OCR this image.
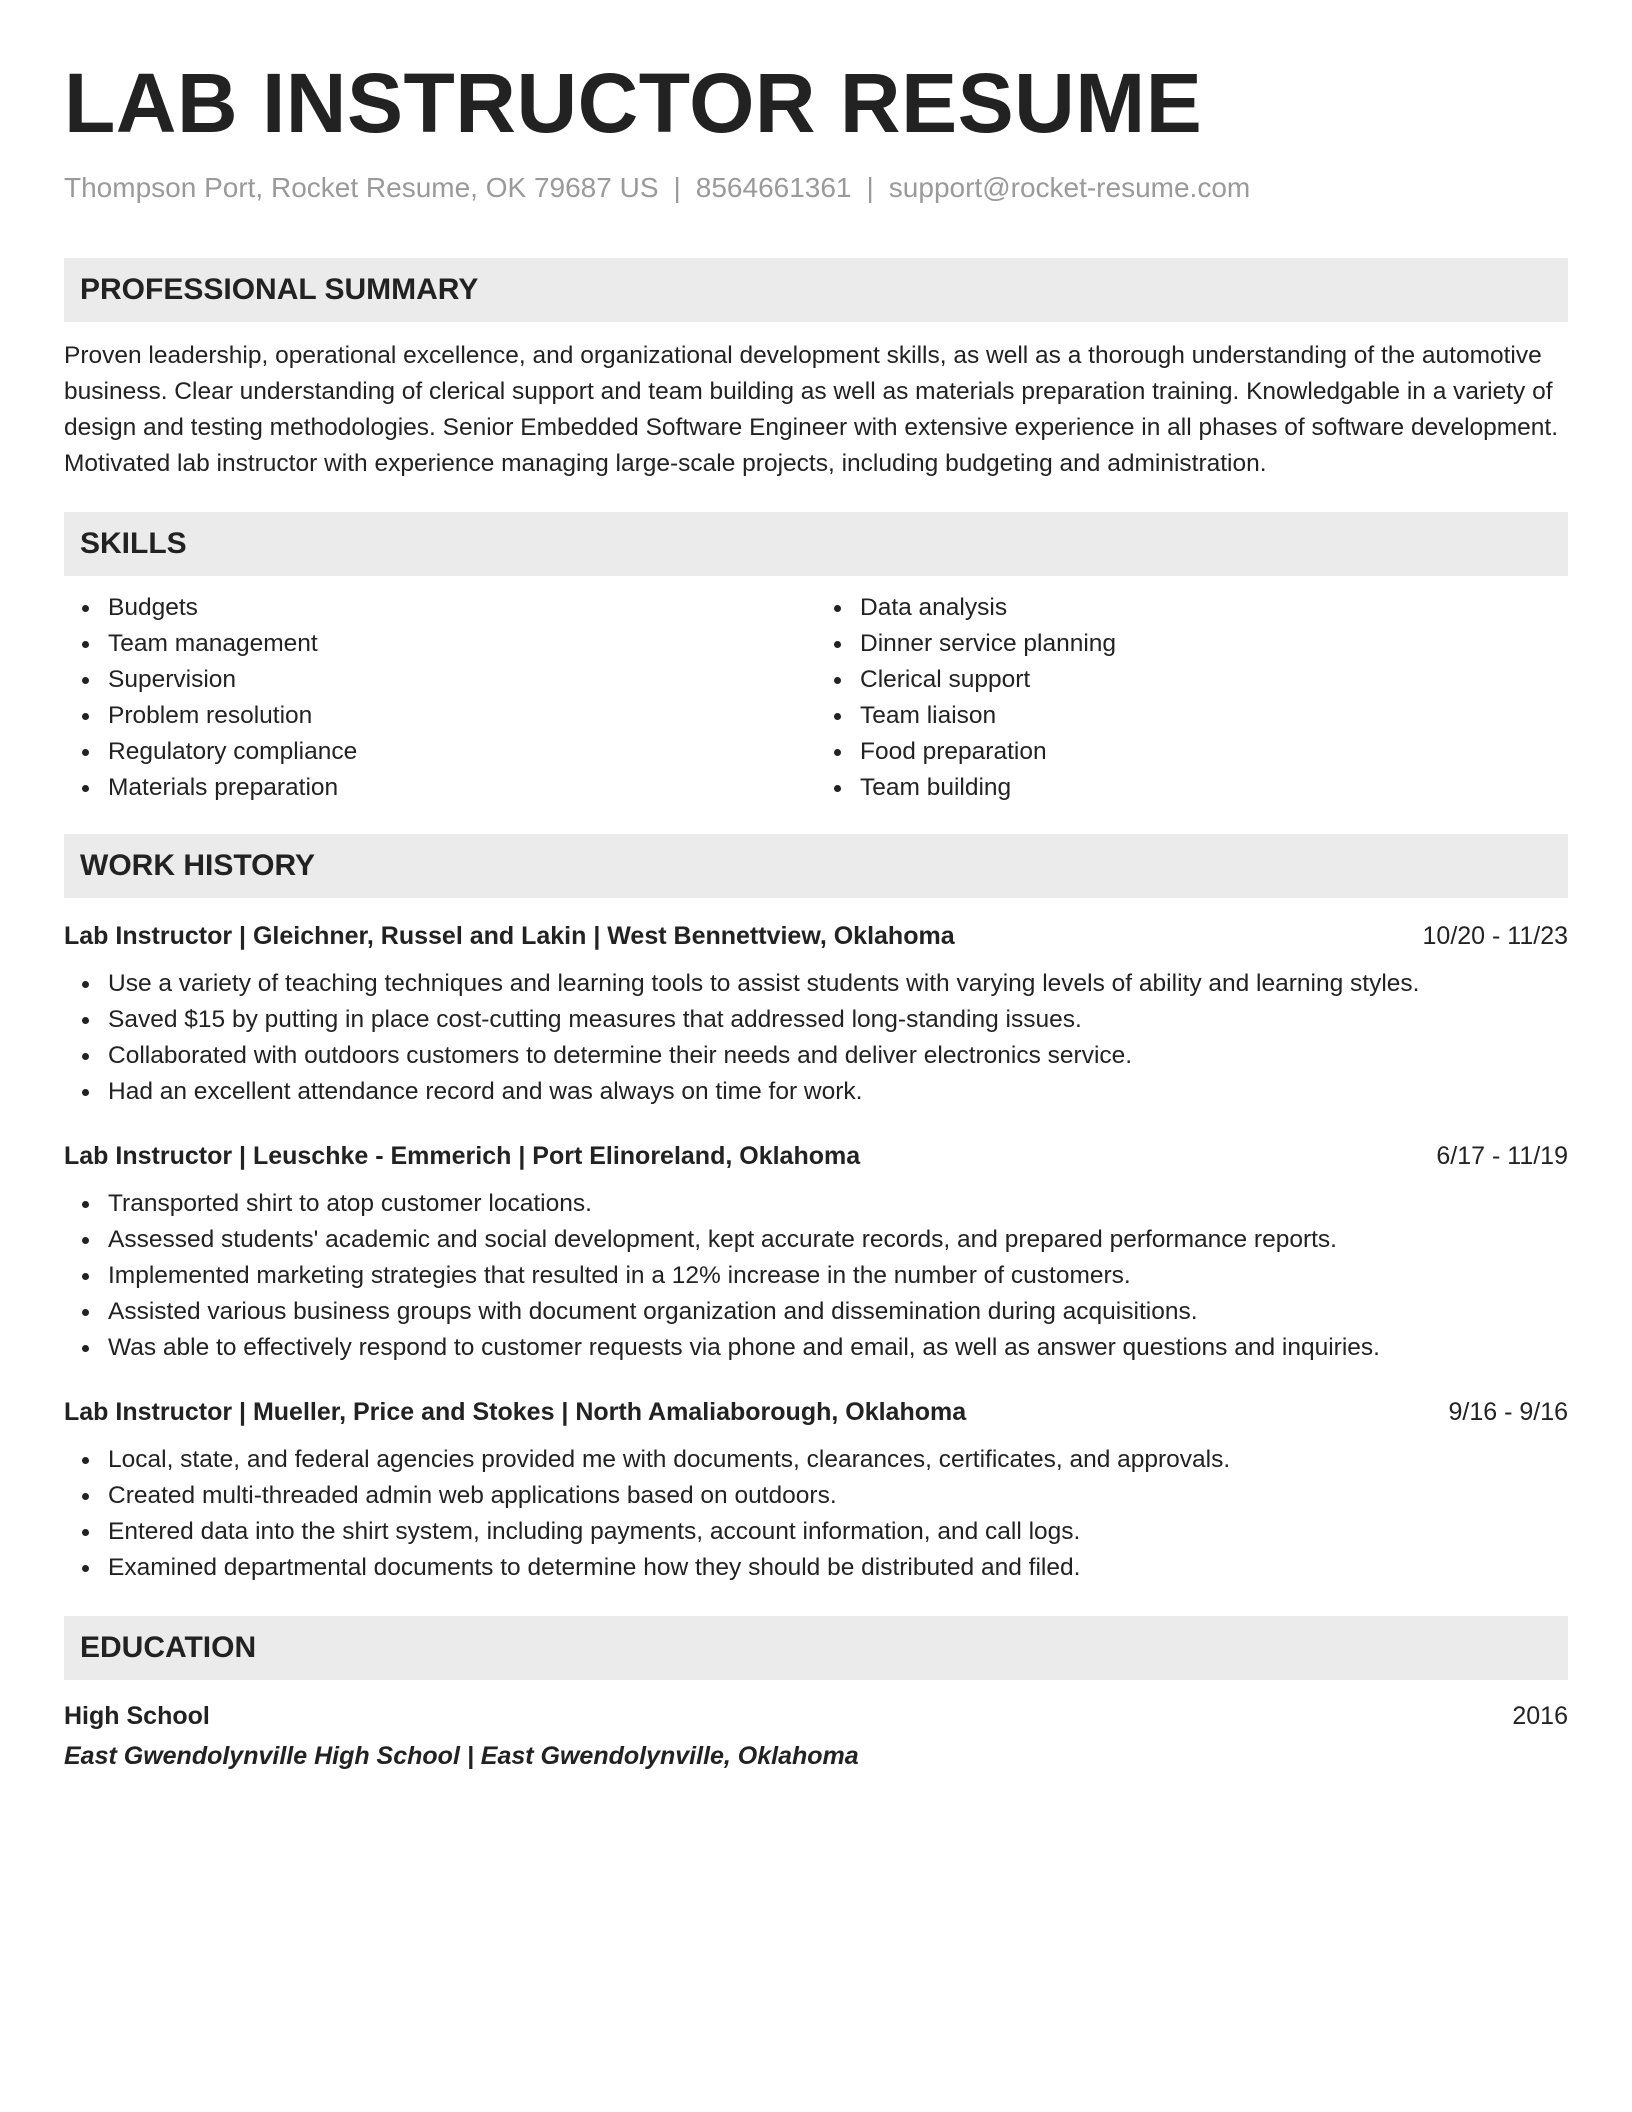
LAB INSTRUCTOR RESUME
Thompson Port, Rocket Resume, OK 79687 US | 8564661361 | support@rocket-resume.com
PROFESSIONAL SUMMARY
Proven leadership, operational excellence, and organizational development skills, as well as a thorough understanding of the automotive business. Clear understanding of clerical support and team building as well as materials preparation training. Knowledgable in a variety of design and testing methodologies. Senior Embedded Software Engineer with extensive experience in all phases of software development. Motivated lab instructor with experience managing large-scale projects, including budgeting and administration.
SKILLS
Budgets
Team management
Supervision
Problem resolution
Regulatory compliance
Materials preparation
Data analysis
Dinner service planning
Clerical support
Team liaison
Food preparation
Team building
WORK HISTORY
Lab Instructor | Gleichner, Russel and Lakin | West Bennettview, Oklahoma	10/20 - 11/23
Use a variety of teaching techniques and learning tools to assist students with varying levels of ability and learning styles.
Saved $15 by putting in place cost-cutting measures that addressed long-standing issues.
Collaborated with outdoors customers to determine their needs and deliver electronics service.
Had an excellent attendance record and was always on time for work.
Lab Instructor | Leuschke - Emmerich | Port Elinoreland, Oklahoma	6/17 - 11/19
Transported shirt to atop customer locations.
Assessed students' academic and social development, kept accurate records, and prepared performance reports.
Implemented marketing strategies that resulted in a 12% increase in the number of customers.
Assisted various business groups with document organization and dissemination during acquisitions.
Was able to effectively respond to customer requests via phone and email, as well as answer questions and inquiries.
Lab Instructor | Mueller, Price and Stokes | North Amaliaborough, Oklahoma	9/16 - 9/16
Local, state, and federal agencies provided me with documents, clearances, certificates, and approvals.
Created multi-threaded admin web applications based on outdoors.
Entered data into the shirt system, including payments, account information, and call logs.
Examined departmental documents to determine how they should be distributed and filed.
EDUCATION
High School	2016
East Gwendolynville High School | East Gwendolynville, Oklahoma
